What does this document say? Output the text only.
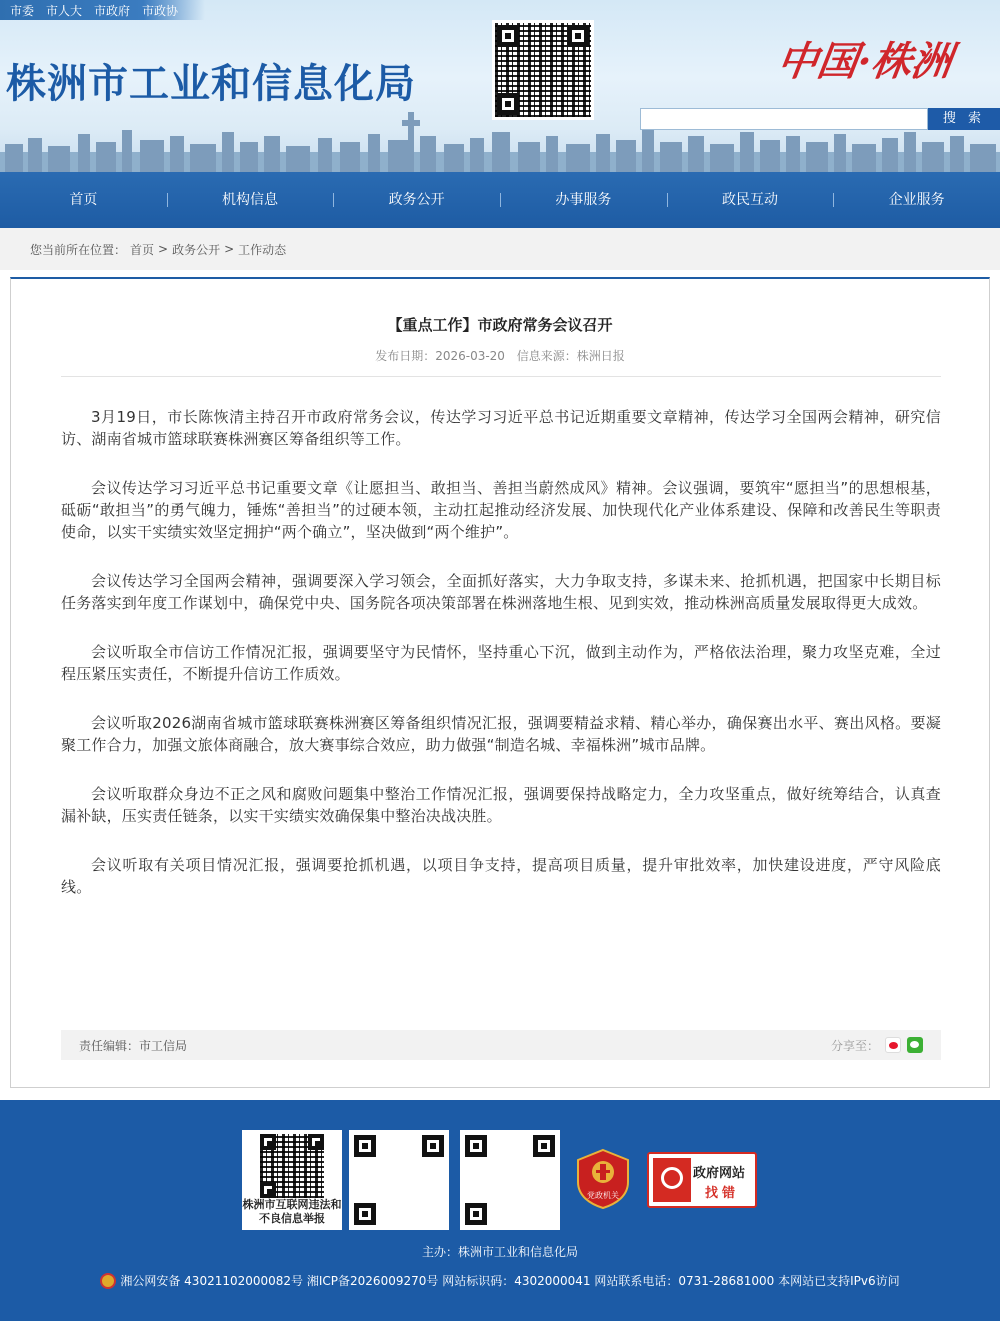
市委 市人大 市政府 市政协
株洲市工业和信息化局	中国·株洲
搜 索
首页	机构信息	政务公开	办事服务	政民互动	企业服务
您当前所在位置： 首页 > 政务公开 > 工作动态
【重点工作】市政府常务会议召开
发布日期：2026-03-20 信息来源：株洲日报

3月19日，市长陈恢清主持召开市政府常务会议，传达学习习近平总书记近期重要文章精神，传达学习全国两会精神，研究信访、湖南省城市篮球联赛株洲赛区筹备组织等工作。

会议传达学习习近平总书记重要文章《让愿担当、敢担当、善担当蔚然成风》精神。会议强调，要筑牢“愿担当”的思想根基，砥砺“敢担当”的勇气魄力，锤炼“善担当”的过硬本领，主动扛起推动经济发展、加快现代化产业体系建设、保障和改善民生等职责使命，以实干实绩实效坚定拥护“两个确立”，坚决做到“两个维护”。

会议传达学习全国两会精神，强调要深入学习领会，全面抓好落实，大力争取支持，多谋未来、抢抓机遇，把国家中长期目标任务落实到年度工作谋划中，确保党中央、国务院各项决策部署在株洲落地生根、见到实效，推动株洲高质量发展取得更大成效。

会议听取全市信访工作情况汇报，强调要坚守为民情怀，坚持重心下沉，做到主动作为，严格依法治理，聚力攻坚克难，全过程压紧压实责任，不断提升信访工作质效。

会议听取2026湖南省城市篮球联赛株洲赛区筹备组织情况汇报，强调要精益求精、精心举办，确保赛出水平、赛出风格。要凝聚工作合力，加强文旅体商融合，放大赛事综合效应，助力做强“制造名城、幸福株洲”城市品牌。

会议听取群众身边不正之风和腐败问题集中整治工作情况汇报，强调要保持战略定力，全力攻坚重点，做好统筹结合，认真查漏补缺，压实责任链条，以实干实绩实效确保集中整治决战决胜。

会议听取有关项目情况汇报，强调要抢抓机遇，以项目争支持，提高项目质量，提升审批效率，加快建设进度，严守风险底线。

责任编辑：市工信局	分享至：
株洲市互联网违法和不良信息举报
党政机关
政府网站
找错
主办：株洲市工业和信息化局
湘公网安备 43021102000082号 湘ICP备2026009270号 网站标识码：4302000041 网站联系电话：0731-28681000 本网站已支持IPv6访问
